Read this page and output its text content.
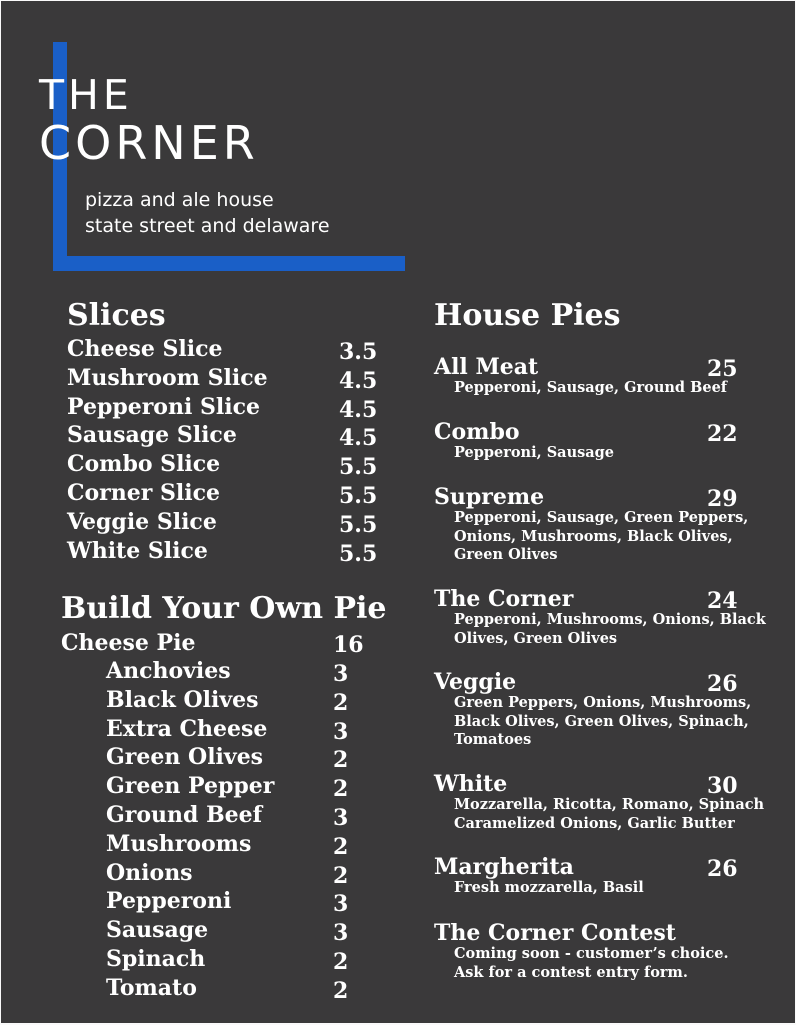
THE
CORNER
pizza and ale house
state street and delaware
Slices
Cheese Slice	3.5
Mushroom Slice	4.5
Pepperoni Slice	4.5
Sausage Slice	4.5
Combo Slice	5.5
Corner Slice	5.5
Veggie Slice	5.5
White Slice	5.5
Build Your Own Pie
Cheese Pie	16
Anchovies	3
Black Olives	2
Extra Cheese	3
Green Olives	2
Green Pepper	2
Ground Beef	3
Mushrooms	2
Onions	2
Pepperoni	3
Sausage	3
Spinach	2
Tomato	2
House Pies
All Meat	25
Pepperoni, Sausage, Ground Beef
Combo	22
Pepperoni, Sausage
Supreme	29
Pepperoni, Sausage, Green Peppers,
Onions, Mushrooms, Black Olives,
Green Olives
The Corner	24
Pepperoni, Mushrooms, Onions, Black
Olives, Green Olives
Veggie	26
Green Peppers, Onions, Mushrooms,
Black Olives, Green Olives, Spinach,
Tomatoes
White	30
Mozzarella, Ricotta, Romano, Spinach
Caramelized Onions, Garlic Butter
Margherita	26
Fresh mozzarella, Basil
The Corner Contest
Coming soon - customer’s choice.
Ask for a contest entry form.
